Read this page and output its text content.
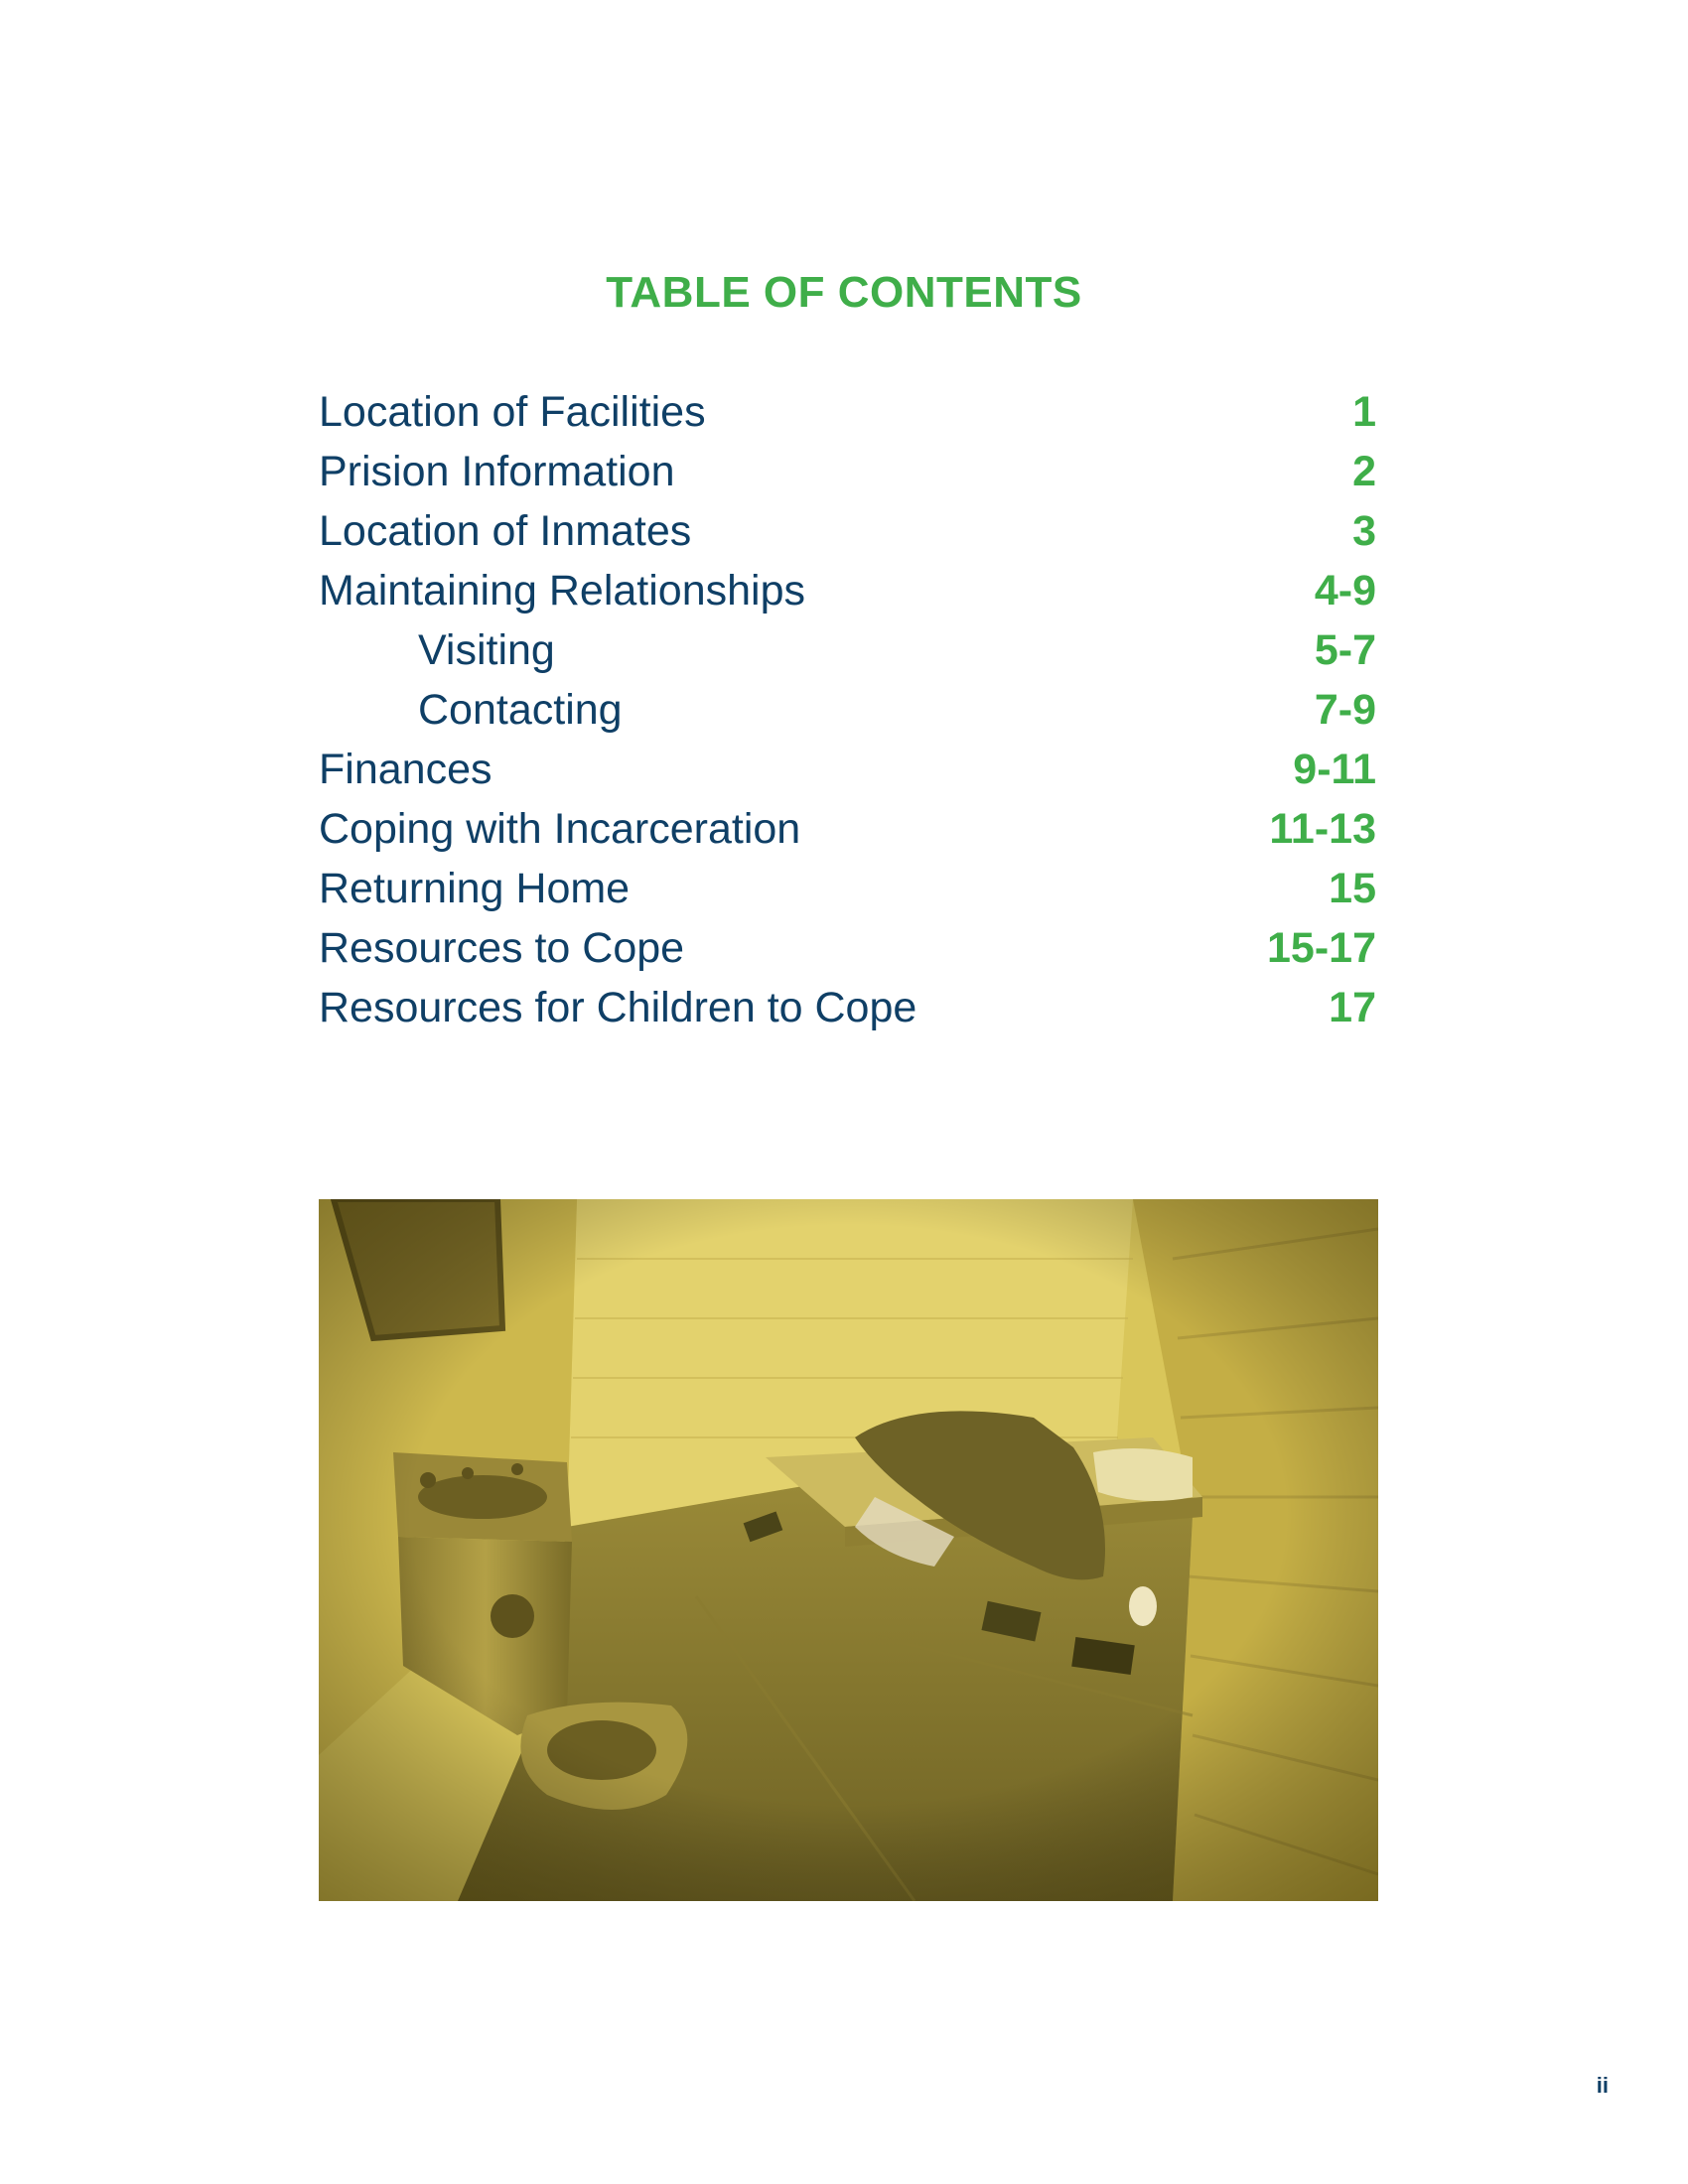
TABLE OF CONTENTS
Location of Facilities	1
Prision Information	2
Location of Inmates	3
Maintaining Relationships	4-9
Visiting	5-7
Contacting	7-9
Finances	9-11
Coping with Incarceration	11-13
Returning Home	15
Resources to Cope	15-17
Resources for Children to Cope	17
ii
